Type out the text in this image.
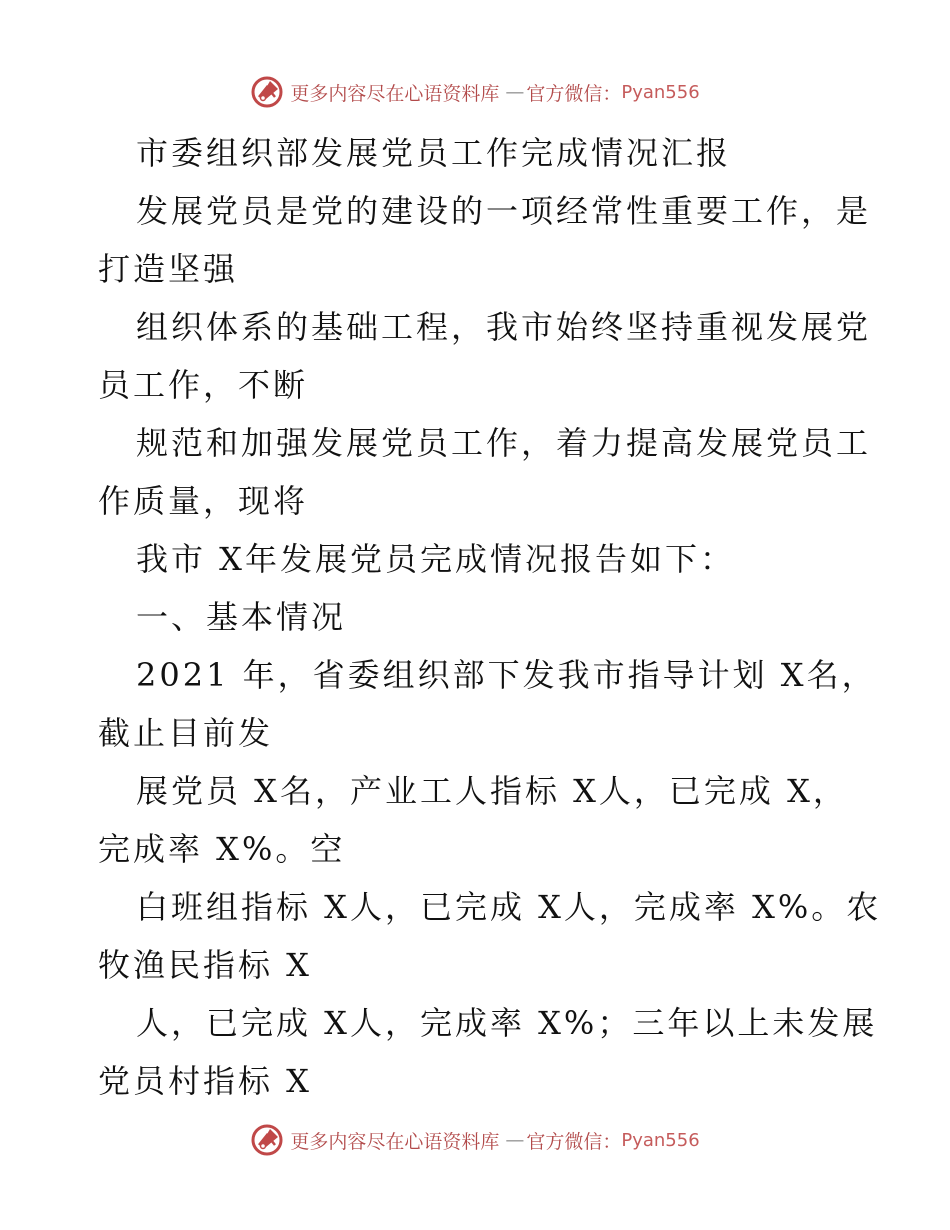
更多内容尽在心语资料库 — 官方微信： Pyan556
市委组织部发展党员工作完成情况汇报
发展党员是党的建设的一项经常性重要工作，是
打造坚强
组织体系的基础工程，我市始终坚持重视发展党
员工作，不断
规范和加强发展党员工作，着力提高发展党员工
作质量，现将
我市 X年发展党员完成情况报告如下：
一、基本情况
2021 年，省委组织部下发我市指导计划 X名，
截止目前发
展党员 X名，产业工人指标 X人，已完成 X，
完成率 X%。空
白班组指标 X人，已完成 X人，完成率 X%。农
牧渔民指标 X
人，已完成 X人，完成率 X%；三年以上未发展
党员村指标 X
更多内容尽在心语资料库 — 官方微信： Pyan556
